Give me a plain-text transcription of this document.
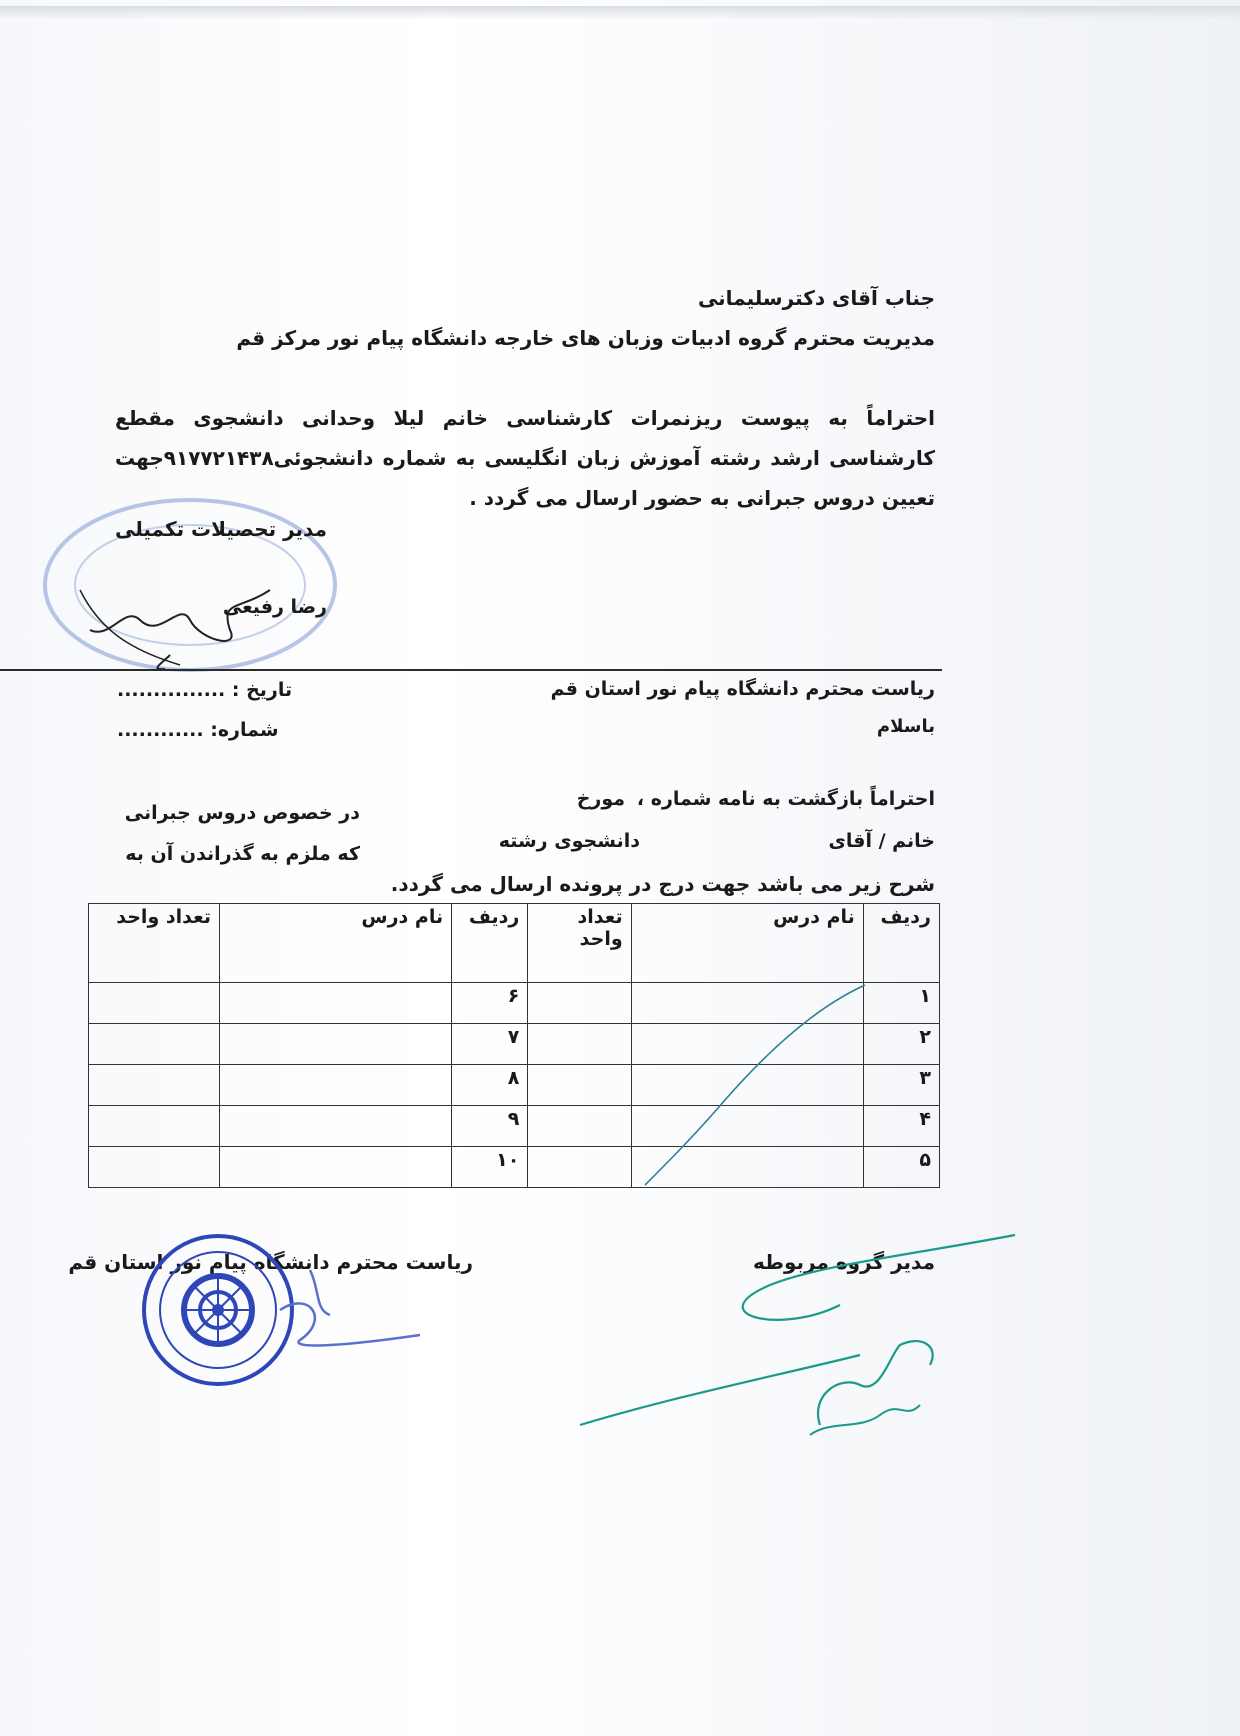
جناب آقای دکترسلیمانی
مدیریت محترم گروه ادبیات وزبان های خارجه دانشگاه پیام نور مرکز قم
احتراماً به پیوست ریزنمرات کارشناسی خانم لیلا وحدانی دانشجوی مقطع کارشناسی ارشد رشته آموزش زبان انگلیسی به شماره دانشجوئی۹۱۷۷۲۱۴۳۸جهت تعیین دروس جبرانی به حضور ارسال می گردد .
مدیر تحصیلات تکمیلی
رضا رفیعی
ریاست محترم دانشگاه پیام نور استان قم
باسلام
تاریخ : ...............
شماره: ............
احتراماً بازگشت به نامه شماره ،
مورخ
در خصوص دروس جبرانی
خانم / آقای
دانشجوی رشته
که ملزم به گذراندن آن به
شرح زیر می باشد جهت درج در پرونده ارسال می گردد.
ردیف	نام درس	تعداد واحد	ردیف	نام درس	تعداد واحد
۱			۶		
۲			۷		
۳			۸		
۴			۹		
۵			۱۰		
ریاست محترم دانشگاه پیام نور استان قم	مدیر گروه مربوطه
